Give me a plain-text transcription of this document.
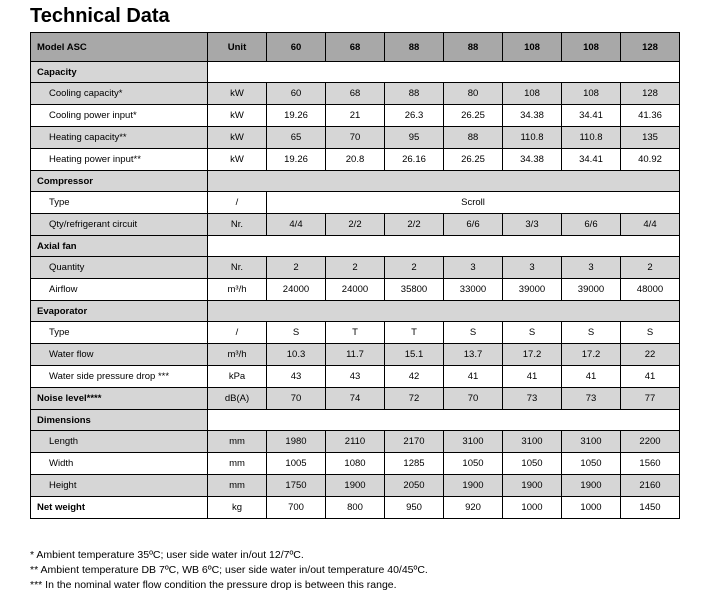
Technical Data
Model ASC	Unit	60	68	88	88	108	108	128
Capacity								
Cooling capacity*	kW	60	68	88	80	108	108	128
Cooling power input*	kW	19.26	21	26.3	26.25	34.38	34.41	41.36
Heating capacity**	kW	65	70	95	88	110.8	110.8	135
Heating power input**	kW	19.26	20.8	26.16	26.25	34.38	34.41	40.92
Compressor								
Type	/	Scroll						
Qty/refrigerant circuit	Nr.	4/4	2/2	2/2	6/6	3/3	6/6	4/4
Axial fan								
Quantity	Nr.	2	2	2	3	3	3	2
Airflow	m³/h	24000	24000	35800	33000	39000	39000	48000
Evaporator								
Type	/	S	T	T	S	S	S	S
Water flow	m³/h	10.3	11.7	15.1	13.7	17.2	17.2	22
Water side pressure drop ***	kPa	43	43	42	41	41	41	41
Noise level****	dB(A)	70	74	72	70	73	73	77
Dimensions								
Length	mm	1980	2110	2170	3100	3100	3100	2200
Width	mm	1005	1080	1285	1050	1050	1050	1560
Height	mm	1750	1900	2050	1900	1900	1900	2160
Net weight	kg	700	800	950	920	1000	1000	1450
* Ambient temperature 35ºC; user side water in/out 12/7ºC.
** Ambient temperature DB 7ºC, WB 6ºC; user side water in/out temperature 40/45ºC.
*** In the nominal water flow condition the pressure drop is between this range.
